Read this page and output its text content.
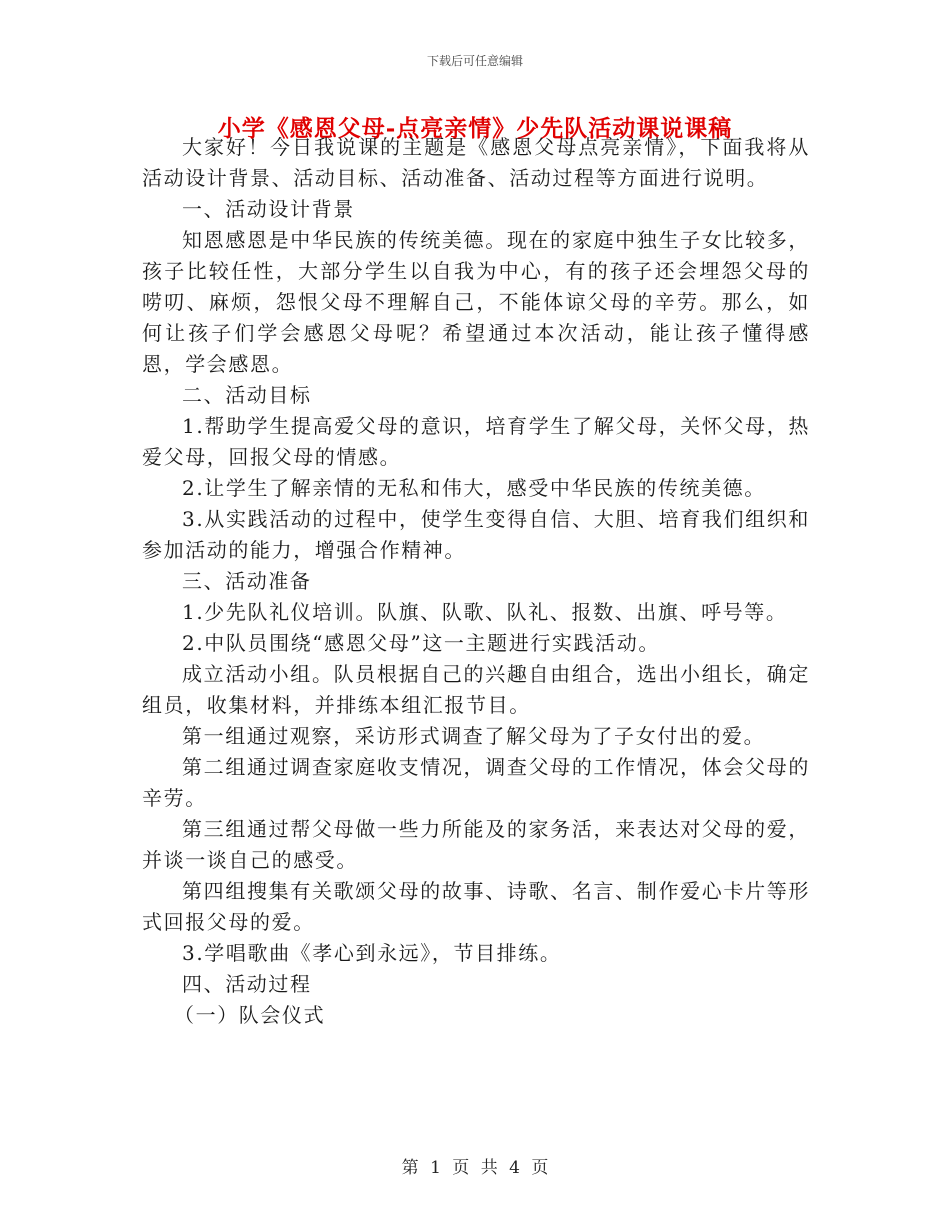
下载后可任意编辑
小学《感恩父母-点亮亲情》少先队活动课说课稿

大家好！今日我说课的主题是《感恩父母点亮亲情》，下面我将从活动设计背景、活动目标、活动准备、活动过程等方面进行说明。

一、活动设计背景

知恩感恩是中华民族的传统美德。现在的家庭中独生子女比较多，孩子比较任性，大部分学生以自我为中心，有的孩子还会埋怨父母的唠叨、麻烦，怨恨父母不理解自己，不能体谅父母的辛劳。那么，如何让孩子们学会感恩父母呢？希望通过本次活动，能让孩子懂得感恩，学会感恩。

二、活动目标

1.帮助学生提高爱父母的意识，培育学生了解父母，关怀父母，热爱父母，回报父母的情感。

2.让学生了解亲情的无私和伟大，感受中华民族的传统美德。

3.从实践活动的过程中，使学生变得自信、大胆、培育我们组织和参加活动的能力，增强合作精神。

三、活动准备

1.少先队礼仪培训。队旗、队歌、队礼、报数、出旗、呼号等。

2.中队员围绕“感恩父母”这一主题进行实践活动。

成立活动小组。队员根据自己的兴趣自由组合，选出小组长，确定组员，收集材料，并排练本组汇报节目。

第一组通过观察，采访形式调查了解父母为了子女付出的爱。

第二组通过调查家庭收支情况，调查父母的工作情况，体会父母的辛劳。

第三组通过帮父母做一些力所能及的家务活，来表达对父母的爱，并谈一谈自己的感受。

第四组搜集有关歌颂父母的故事、诗歌、名言、制作爱心卡片等形式回报父母的爱。

3.学唱歌曲《孝心到永远》，节目排练。

四、活动过程

（一）队会仪式

第 1 页 共 4 页
